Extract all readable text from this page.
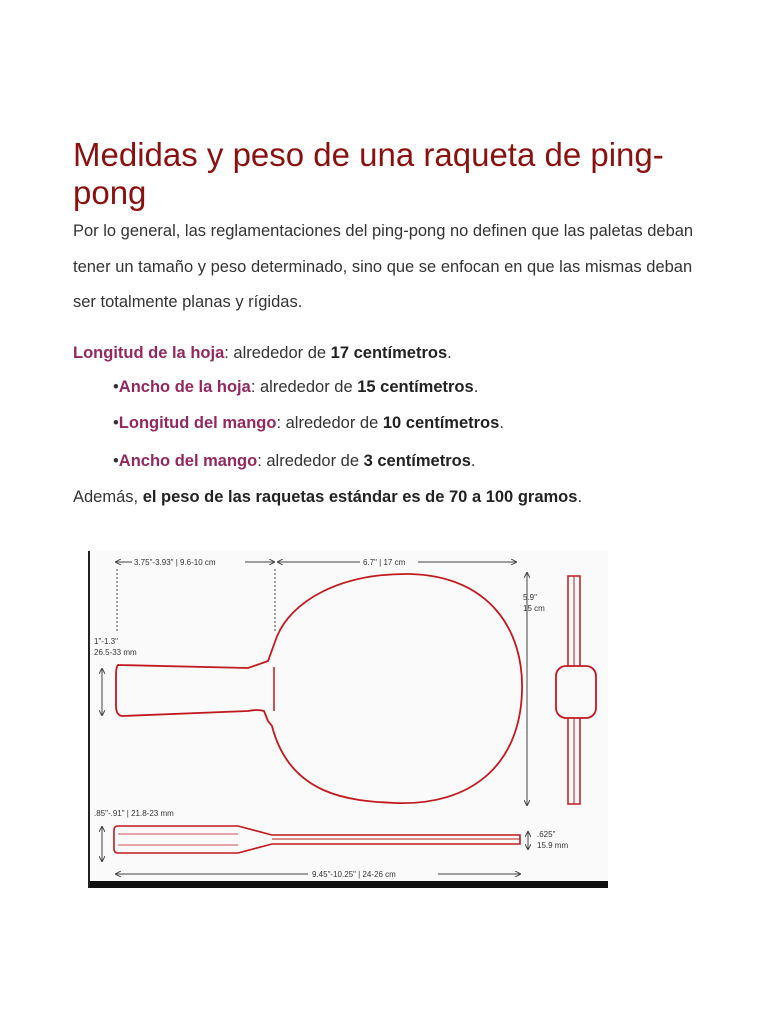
Medidas y peso de una raqueta de ping-pong

Por lo general, las reglamentaciones del ping-pong no definen que las paletas deban tener un tamaño y peso determinado, sino que se enfocan en que las mismas deban ser totalmente planas y rígidas.

Longitud de la hoja: alrededor de 17 centímetros.
•Ancho de la hoja: alrededor de 15 centímetros.
•Longitud del mango: alrededor de 10 centímetros.
•Ancho del mango: alrededor de 3 centímetros.
Además, el peso de las raquetas estándar es de 70 a 100 gramos.
3.75"-3.93" | 9.6-10 cm	6.7" | 17 cm
1"-1.3"
26.5-33 mm
5.9"
15 cm
.85"-.91" | 21.8-23 mm
.625"
15.9 mm
9.45"-10.25" | 24-26 cm
